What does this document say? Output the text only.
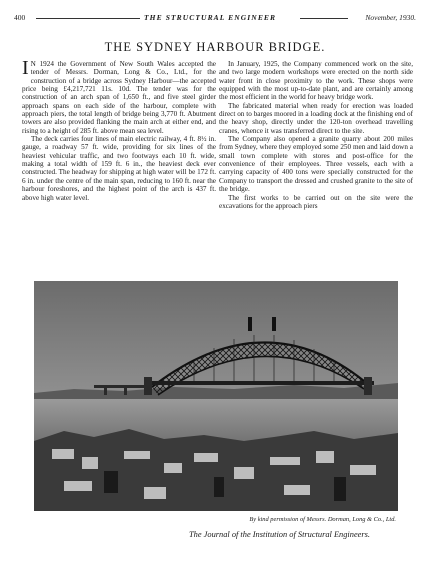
400	THE STRUCTURAL ENGINEER	November, 1930.
THE SYDNEY HARBOUR BRIDGE.

I N 1924 the Government of New South Wales accepted the tender of Messrs. Dorman, Long & Co., Ltd., for the construction of a bridge across Sydney Harbour—the accepted price being £4,217,721 11s. 10d. The tender was for the construction of an arch span of 1,650 ft., and five steel girder approach spans on each side of the harbour, complete with approach piers, the total length of bridge being 3,770 ft. Abutment towers are also provided flanking the main arch at either end, and rising to a height of 285 ft. above mean sea level.

The deck carries four lines of main electric railway, 4 ft. 8½ in. gauge, a roadway 57 ft. wide, providing for six lines of the heaviest vehicular traffic, and two footways each 10 ft. wide, making a total width of 159 ft. 6 in., the heaviest deck ever constructed. The headway for shipping at high water will be 172 ft. 6 in. under the centre of the main span, reducing to 160 ft. near the harbour foreshores, and the highest point of the arch is 437 ft. above high water level.

In January, 1925, the Company commenced work on the site, and two large modern workshops were erected on the north side water front in close proximity to the work. These shops were equipped with the most up-to-date plant, and are certainly among the most efficient in the world for heavy bridge work.

The fabricated material when ready for erection was loaded direct on to barges moored in a loading dock at the finishing end of the heavy shop, directly under the 120-ton overhead travelling cranes, whence it was transferred direct to the site.

The Company also opened a granite quarry about 200 miles from Sydney, where they employed some 250 men and laid down a small town complete with stores and post-office for the convenience of their employees. Three vessels, each with a carrying capacity of 400 tons were specially constructed for the Company to transport the dressed and crushed granite to the site of the bridge.

The first works to be carried out on the site were the excavations for the approach piers

By kind permission of Messrs. Dorman, Long & Co., Ltd.
The Journal of the Institution of Structural Engineers.
